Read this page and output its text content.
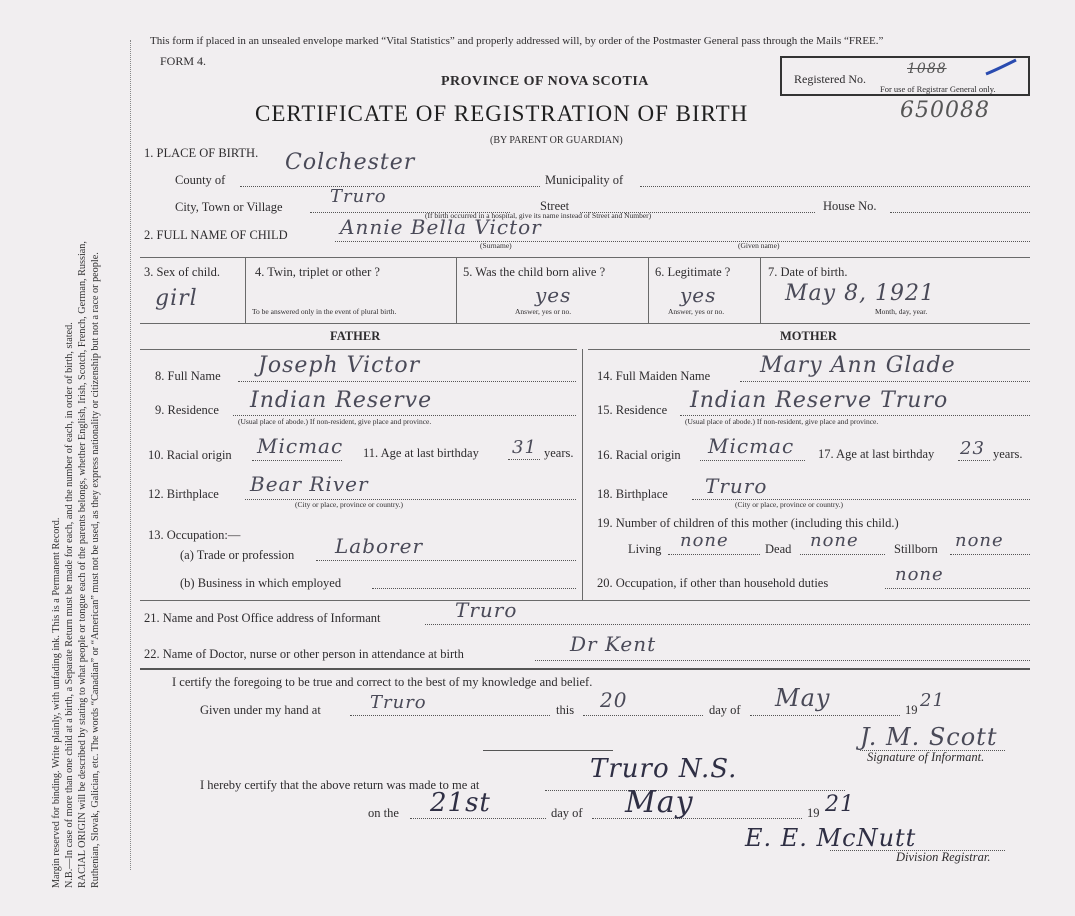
Margin reserved for binding. Write plainly, with unfading ink. This is a Permanent Record. N.B.—In case of more than one child at a birth, a Separate Return must be made for each, and the number of each, in order of birth, stated. RACIAL ORIGIN will be described by stating to what people or tongue each of the parents belongs, whether English, Irish, Scotch, French, German, Russian, Ruthenian, Slovak, Galician, etc. The words “Canadian” or “American” must not be used, as they express nationality or citizenship but not a race or people.
This form if placed in an unsealed envelope marked “Vital Statistics” and properly addressed will, by order of the Postmaster General pass through the Mails “FREE.”
FORM 4.
PROVINCE OF NOVA SCOTIA
CERTIFICATE OF REGISTRATION OF BIRTH
(BY PARENT OR GUARDIAN)
Registered No.
1088
For use of Registrar General only.
650088
1. PLACE OF BIRTH.
County of
Colchester
Municipality of
City, Town or Village	Truro	Street	House No.
(If birth occurred in a hospital, give its name instead of Street and Number)
2. FULL NAME OF CHILD	Annie Bella Victor
(Surname)	(Given name)
3. Sex of child.
girl
4. Twin, triplet or other ?
To be answered only in the event of plural birth.
5. Was the child born alive ?
yes
Answer, yes or no.
6. Legitimate ?
yes
Answer, yes or no.
7. Date of birth.
May 8, 1921
Month, day, year.
FATHER	MOTHER
8. Full Name Joseph Victor
9. Residence Indian Reserve
(Usual place of abode.) If non-resident, give place and province.
10. Racial origin Micmac 11. Age at last birthday 31 years.
12. Birthplace Bear River
(City or place, province or country.)
13. Occupation:—
(a) Trade or profession Laborer
(b) Business in which employed
14. Full Maiden Name Mary Ann Glade
15. Residence Indian Reserve Truro
(Usual place of abode.) If non-resident, give place and province.
16. Racial origin Micmac 17. Age at last birthday 23 years.
18. Birthplace Truro
(City or place, province or country.)
19. Number of children of this mother (including this child.)
Living none	Dead none	Stillborn none
20. Occupation, if other than household duties	none
21. Name and Post Office address of Informant	Truro
22. Name of Doctor, nurse or other person in attendance at birth	Dr Kent
I certify the foregoing to be true and correct to the best of my knowledge and belief.
Given under my hand at	Truro	this 20	day of May	19 21
J. M. Scott
Signature of Informant.
I hereby certify that the above return was made to me at
Truro N.S.
on the 21st	day of May	19 21
E. E. McNutt
Division Registrar.
